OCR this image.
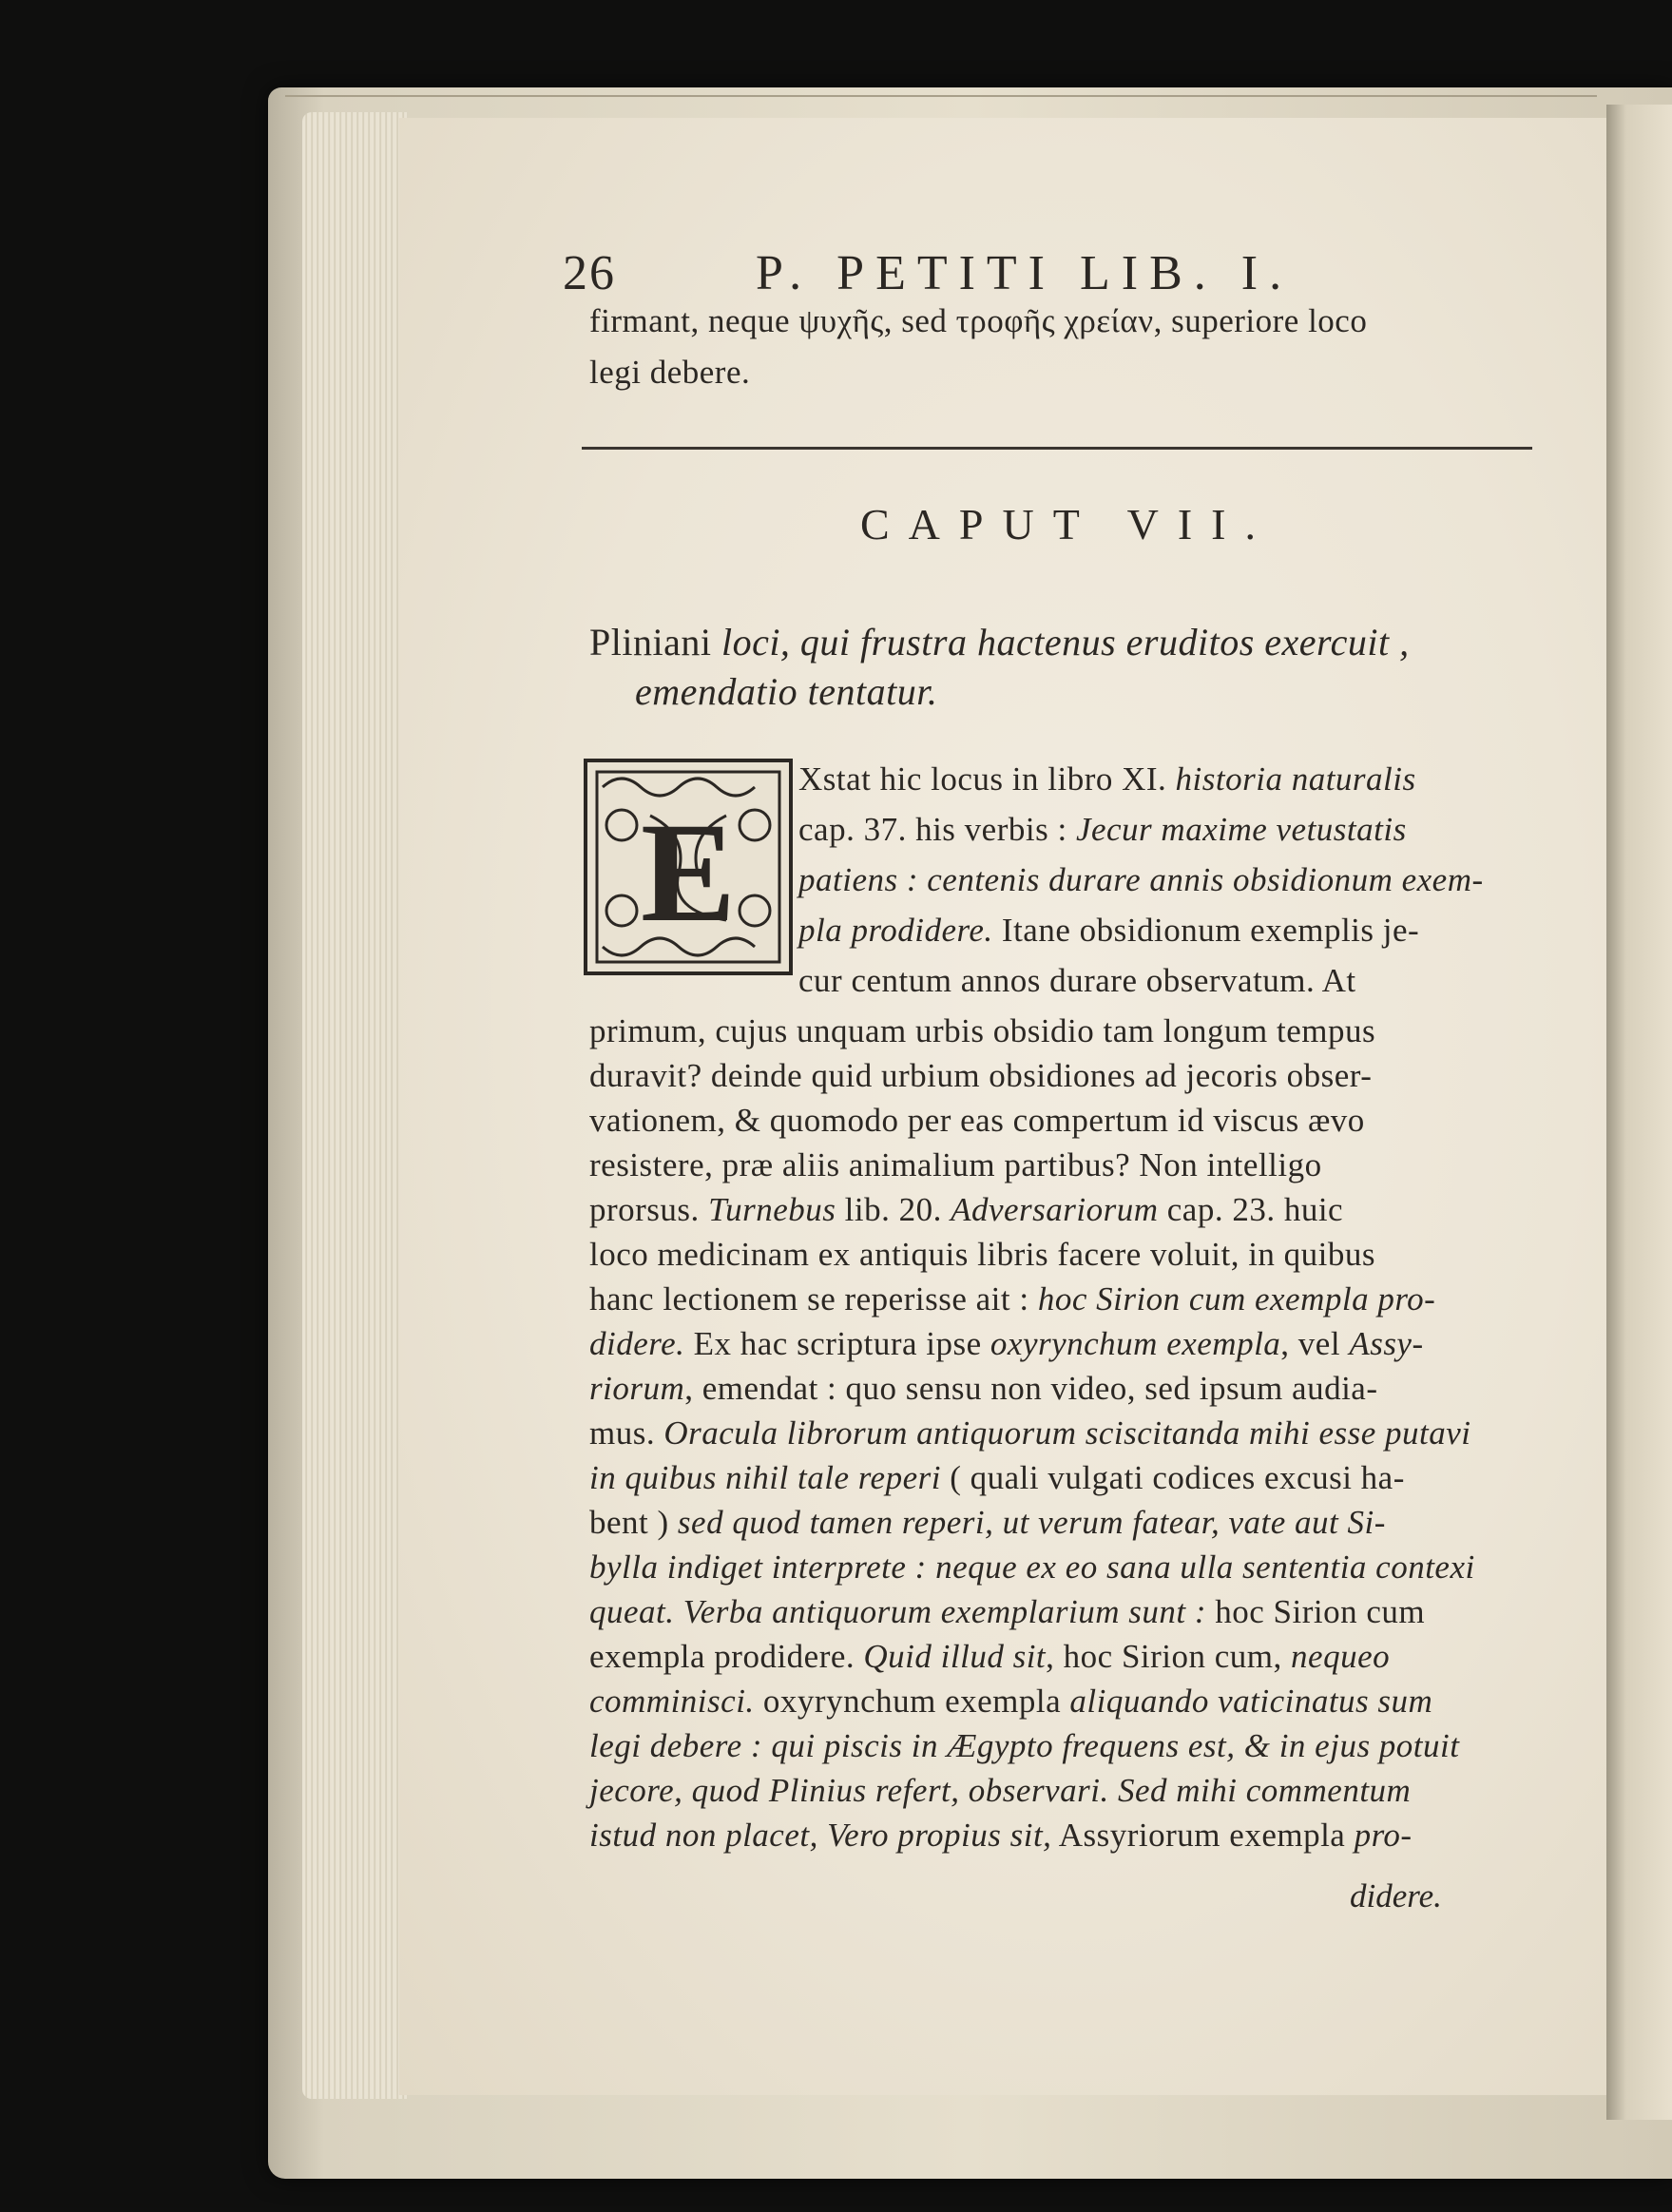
26	P. PETITI LIB. I.
firmant, neque ψυχῆς, sed τροφῆς χρείαν, superiore loco
legi debere.
CAPUT VII.
Pliniani loci, qui frustra hactenus eruditos exercuit ,
emendatio tentatur.
E
Xstat hic locus in libro XI. historia naturalis
cap. 37. his verbis : Jecur maxime vetustatis
patiens : centenis durare annis obsidionum exem-
pla prodidere. Itane obsidionum exemplis je-
cur centum annos durare observatum. At
primum, cujus unquam urbis obsidio tam longum tempus
duravit? deinde quid urbium obsidiones ad jecoris obser-
vationem, & quomodo per eas compertum id viscus ævo
resistere, præ aliis animalium partibus? Non intelligo
prorsus. Turnebus lib. 20. Adversariorum cap. 23. huic
loco medicinam ex antiquis libris facere voluit, in quibus
hanc lectionem se reperisse ait : hoc Sirion cum exempla pro-
didere. Ex hac scriptura ipse oxyrynchum exempla, vel Assy-
riorum, emendat : quo sensu non video, sed ipsum audia-
mus. Oracula librorum antiquorum sciscitanda mihi esse putavi
in quibus nihil tale reperi ( quali vulgati codices excusi ha-
bent ) sed quod tamen reperi, ut verum fatear, vate aut Si-
bylla indiget interprete : neque ex eo sana ulla sententia contexi
queat. Verba antiquorum exemplarium sunt : hoc Sirion cum
exempla prodidere. Quid illud sit, hoc Sirion cum, nequeo
comminisci. oxyrynchum exempla aliquando vaticinatus sum
legi debere : qui piscis in Ægypto frequens est, & in ejus potuit
jecore, quod Plinius refert, observari. Sed mihi commentum
istud non placet, Vero propius sit, Assyriorum exempla pro-
didere.
